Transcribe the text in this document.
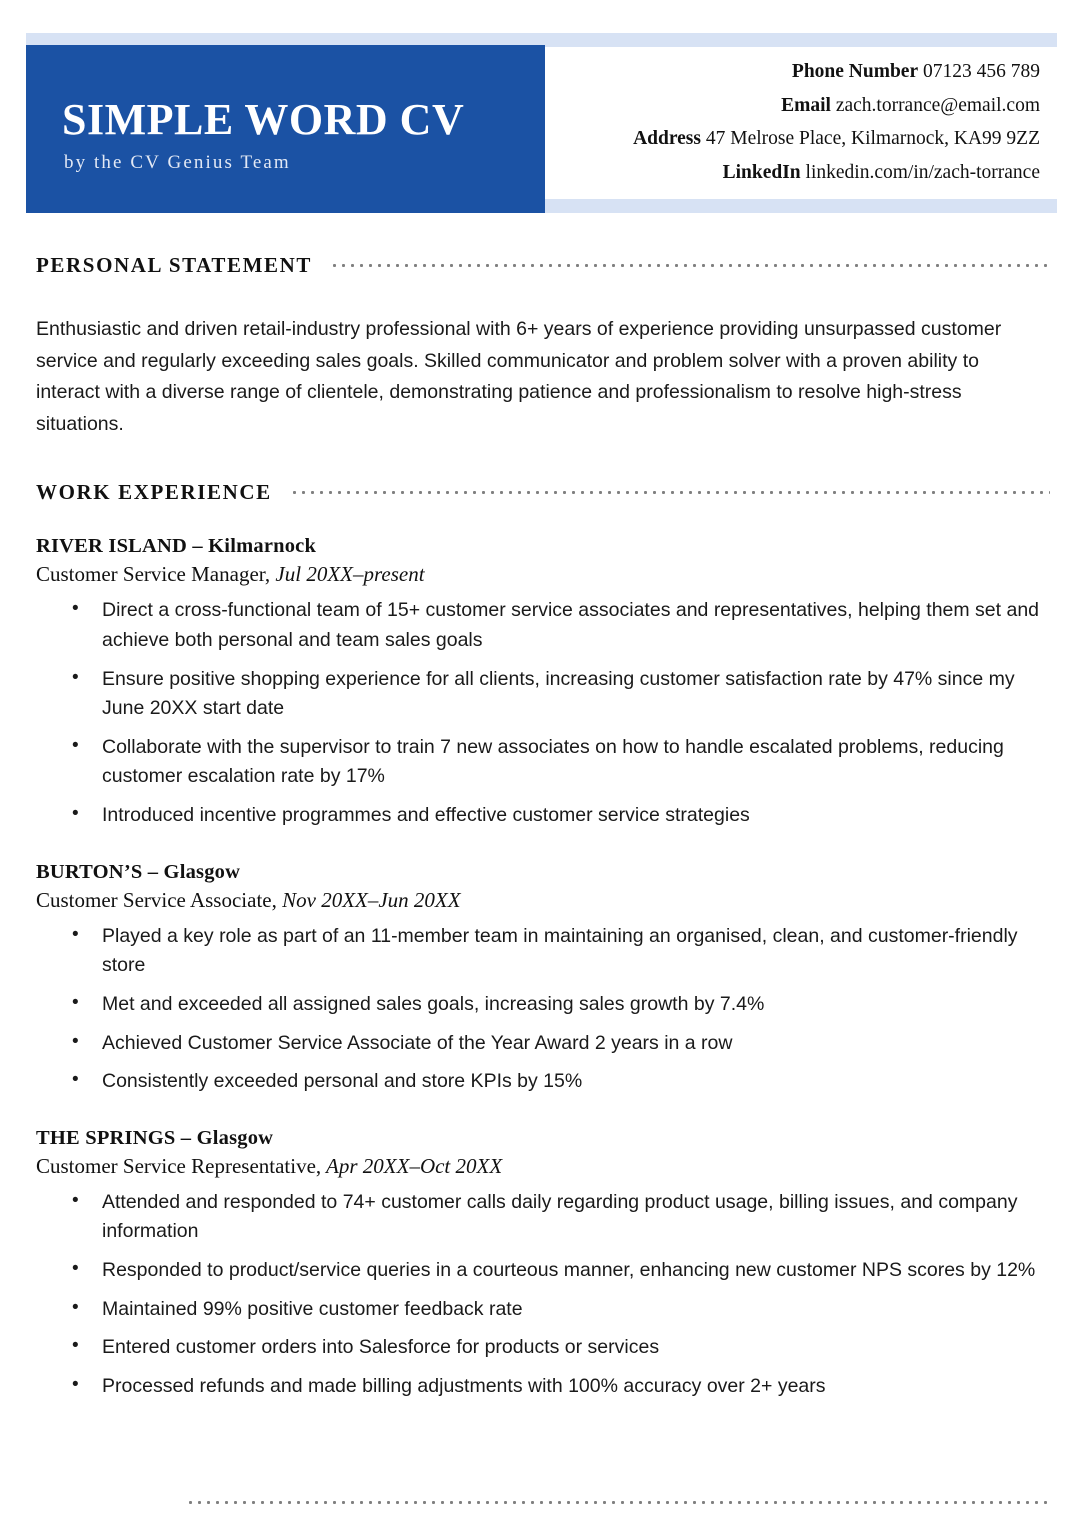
SIMPLE WORD CV
by the CV Genius Team
Phone Number 07123 456 789
Email zach.torrance@email.com
Address 47 Melrose Place, Kilmarnock, KA99 9ZZ
LinkedIn linkedin.com/in/zach-torrance
PERSONAL STATEMENT

Enthusiastic and driven retail-industry professional with 6+ years of experience providing unsurpassed customer service and regularly exceeding sales goals. Skilled communicator and problem solver with a proven ability to interact with a diverse range of clientele, demonstrating patience and professionalism to resolve high-stress situations.

WORK EXPERIENCE
RIVER ISLAND – Kilmarnock
Customer Service Manager, Jul 20XX–present
• Direct a cross-functional team of 15+ customer service associates and representatives, helping them set and achieve both personal and team sales goals
• Ensure positive shopping experience for all clients, increasing customer satisfaction rate by 47% since my June 20XX start date
• Collaborate with the supervisor to train 7 new associates on how to handle escalated problems, reducing customer escalation rate by 17%
• Introduced incentive programmes and effective customer service strategies
BURTON’S – Glasgow
Customer Service Associate, Nov 20XX–Jun 20XX
• Played a key role as part of an 11-member team in maintaining an organised, clean, and customer-friendly store
• Met and exceeded all assigned sales goals, increasing sales growth by 7.4%
• Achieved Customer Service Associate of the Year Award 2 years in a row
• Consistently exceeded personal and store KPIs by 15%
THE SPRINGS – Glasgow
Customer Service Representative, Apr 20XX–Oct 20XX
• Attended and responded to 74+ customer calls daily regarding product usage, billing issues, and company information
• Responded to product/service queries in a courteous manner, enhancing new customer NPS scores by 12%
• Maintained 99% positive customer feedback rate
• Entered customer orders into Salesforce for products or services
• Processed refunds and made billing adjustments with 100% accuracy over 2+ years
